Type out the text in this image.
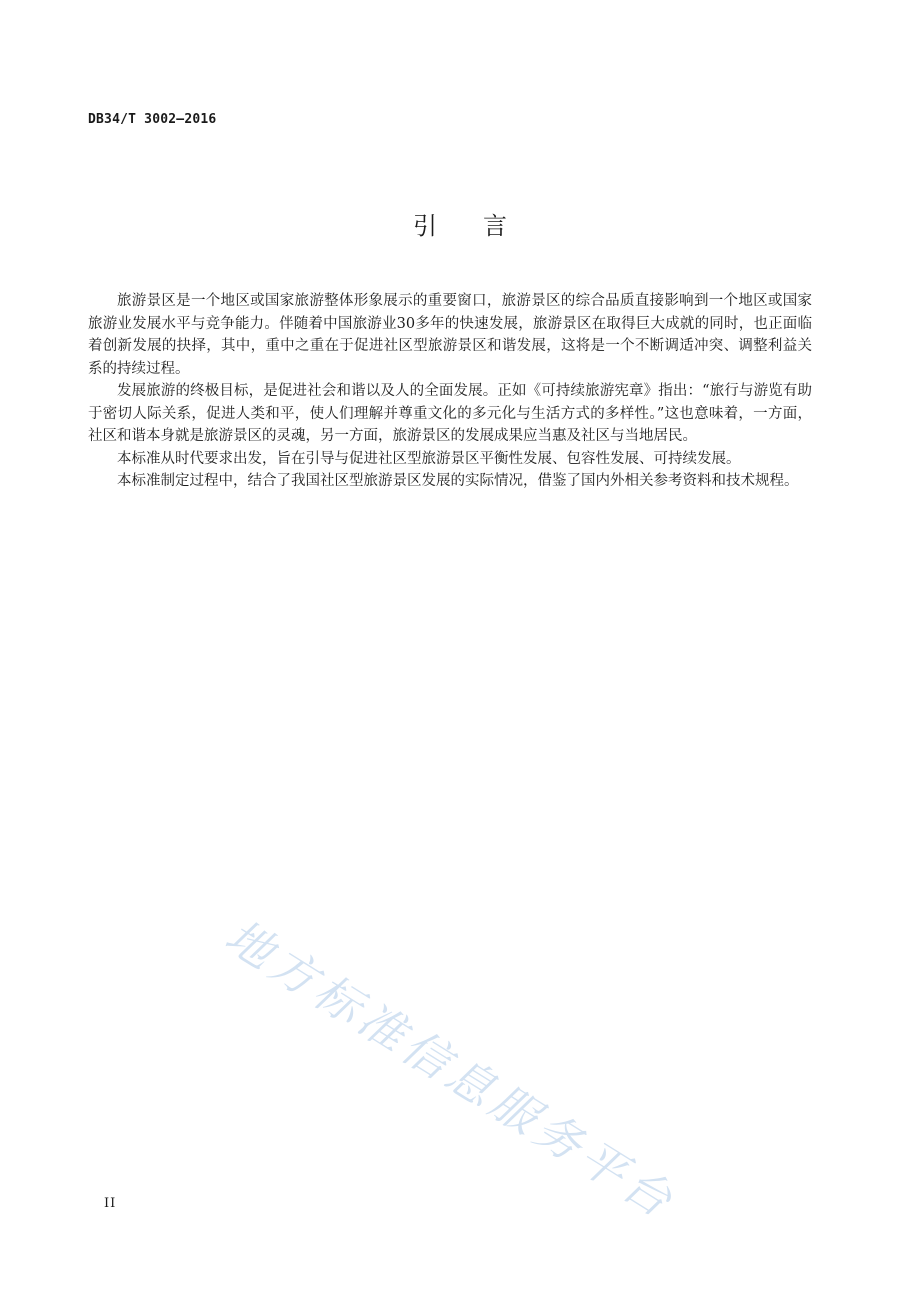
DB34/T 3002—2016
引言

旅游景区是一个地区或国家旅游整体形象展示的重要窗口，旅游景区的综合品质直接影响到一个地区或国家旅游业发展水平与竞争能力。伴随着中国旅游业30多年的快速发展，旅游景区在取得巨大成就的同时，也正面临着创新发展的抉择，其中，重中之重在于促进社区型旅游景区和谐发展，这将是一个不断调适冲突、调整利益关系的持续过程。

发展旅游的终极目标，是促进社会和谐以及人的全面发展。正如《可持续旅游宪章》指出：“旅行与游览有助于密切人际关系，促进人类和平，使人们理解并尊重文化的多元化与生活方式的多样性。”这也意味着，一方面，社区和谐本身就是旅游景区的灵魂，另一方面，旅游景区的发展成果应当惠及社区与当地居民。

本标准从时代要求出发，旨在引导与促进社区型旅游景区平衡性发展、包容性发展、可持续发展。

本标准制定过程中，结合了我国社区型旅游景区发展的实际情况，借鉴了国内外相关参考资料和技术规程。

地方标准信息服务平台
II
